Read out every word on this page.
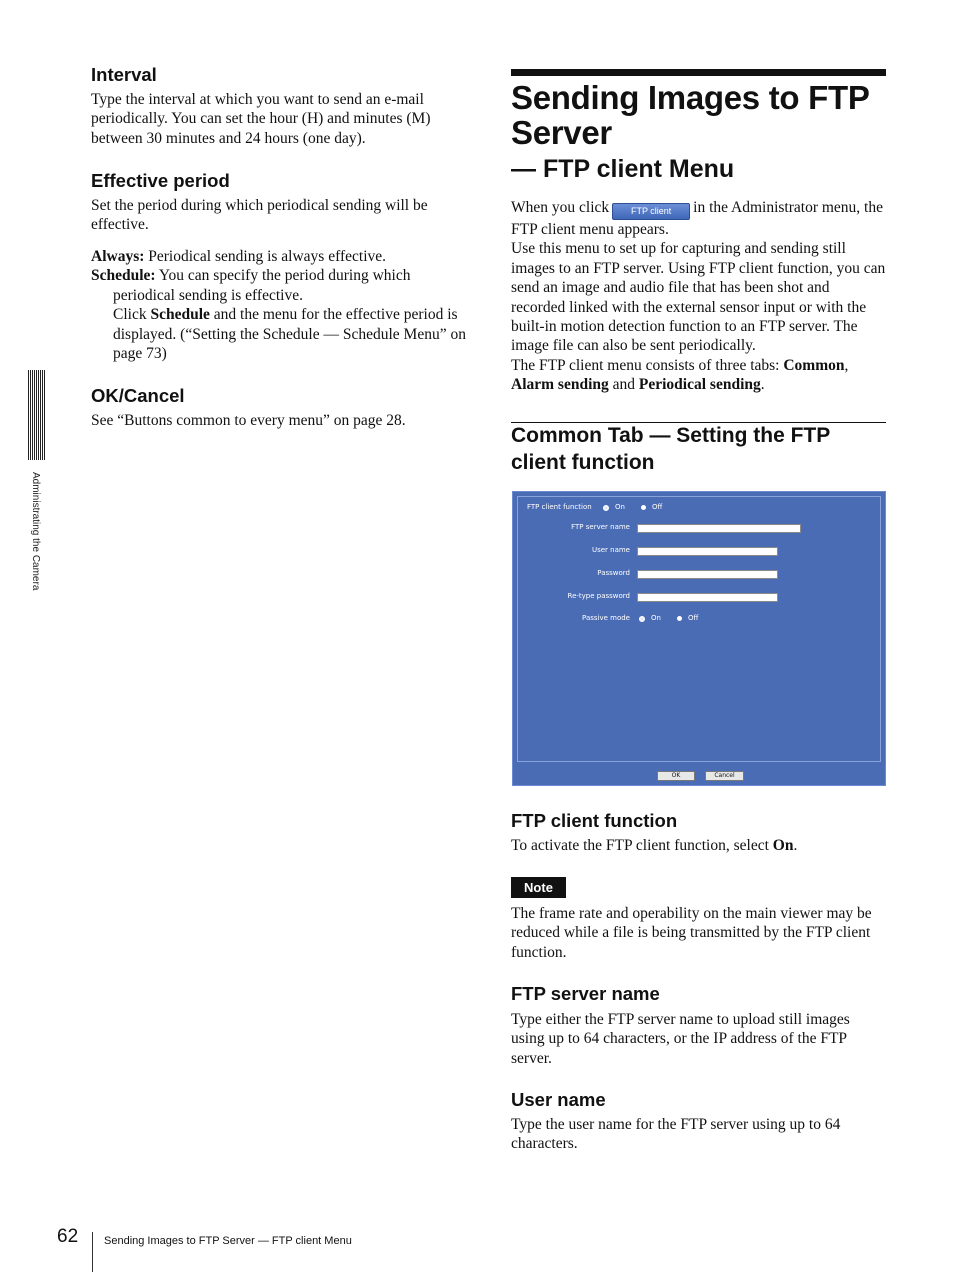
Interval

Type the interval at which you want to send an e-mail periodically. You can set the hour (H) and minutes (M) between 30 minutes and 24 hours (one day).

Effective period

Set the period during which periodical sending will be effective.

Always: Periodical sending is always effective.

Schedule: You can specify the period during which periodical sending is effective.
Click Schedule and the menu for the effective period is displayed. (“Setting the Schedule — Schedule Menu” on page 73)

OK/Cancel

See “Buttons common to every menu” on page 28.

Administrating the Camera
62 Sending Images to FTP Server — FTP client Menu
Sending Images to FTP
Server
— FTP client Menu

When you click FTP client in the Administrator menu, the FTP client menu appears.

Use this menu to set up for capturing and sending still images to an FTP server. Using FTP client function, you can send an image and audio file that has been shot and recorded linked with the external sensor input or with the built-in motion detection function to an FTP server. The image file can also be sent periodically.

The FTP client menu consists of three tabs: Common, Alarm sending and Periodical sending.

Common Tab — Setting the FTP client function
FTP client function	On	Off
FTP server name
User name
Password
Re-type password
Passive mode	On	Off
OK	Cancel
FTP client function

To activate the FTP client function, select On.

Note

The frame rate and operability on the main viewer may be reduced while a file is being transmitted by the FTP client function.

FTP server name

Type either the FTP server name to upload still images using up to 64 characters, or the IP address of the FTP server.

User name

Type the user name for the FTP server using up to 64 characters.
